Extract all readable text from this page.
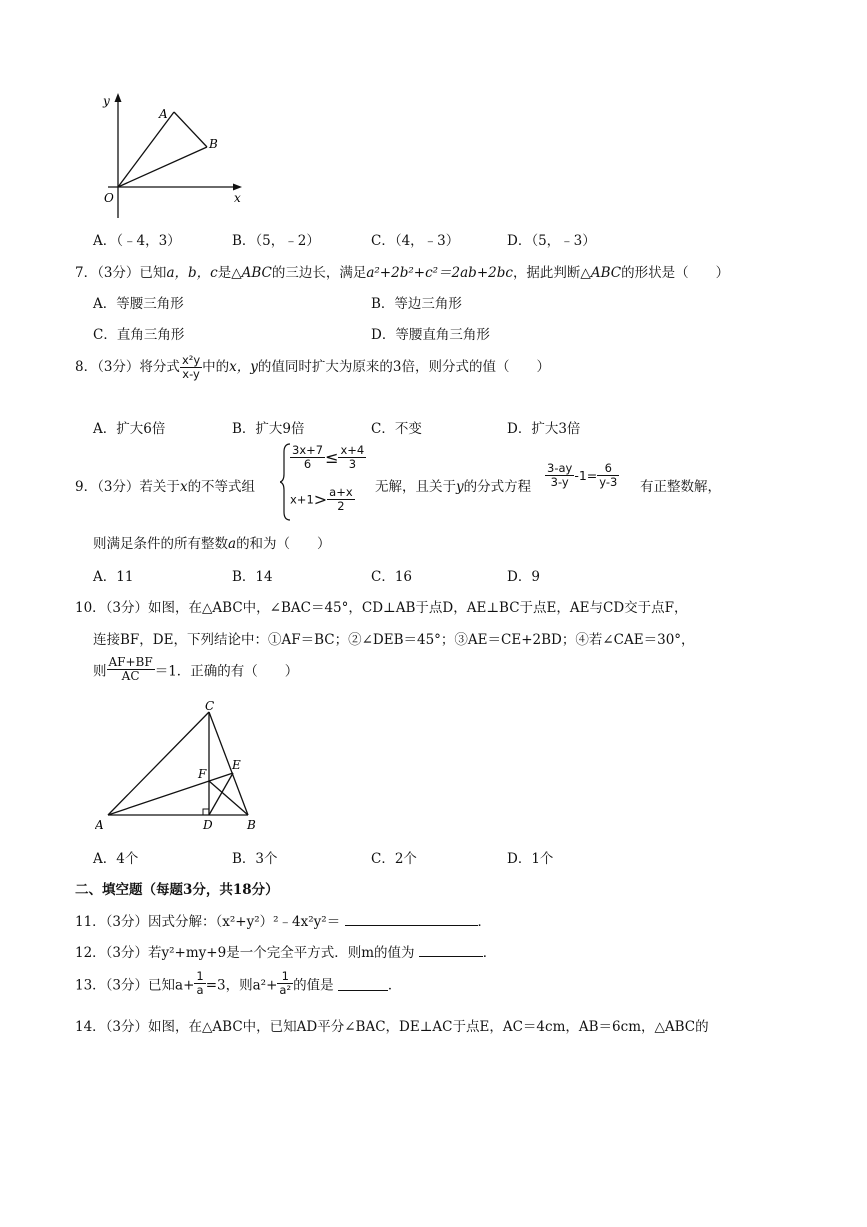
y
x
O
A
B
A．（﹣4，3）	B．（5，﹣2）	C．（4，﹣3）	D．（5，﹣3）
7．（3分）已知a，b，c是△ABC的三边长，满足a²+2b²+c²＝2ab+2bc，据此判断△ABC的形状是（　　）
A．等腰三角形	B．等边三角形
C．直角三角形	D．等腰直角三角形
8．（3分）将分式 $\frac{\text{x²y}}{x-y}$ 中的x，y的值同时扩大为原来的3倍，则分式的值（　　）
A．扩大6倍	B．扩大9倍	C．不变	D．扩大3倍
9．（3分）若关于x的不等式组
$\frac{3x+7}{6} \le \frac{x+4}{3}$
$x+1> \frac{a+x}{2}$ 无解，且关于y的分式方程 $\frac{3-ay}{3-y} -1= \frac{6}{y-3}$ 有正整数解，
则满足条件的所有整数a的和为（　　）
A．11	B．14	C．16	D．9
10．（3分）如图，在△ABC中，∠BAC＝45°，CD⊥AB于点D，AE⊥BC于点E，AE与CD交于点F，
连接BF，DE，下列结论中：①AF＝BC；②∠DEB＝45°；③AE＝CE+2BD；④若∠CAE＝30°，
则 $\frac{AF+BF}{AC} =1$．正确的有（　　）
A	B
C
D
E
F
A．4个	B．3个	C．2个	D．1个
二、填空题（每题3分，共18分）
11．（3分）因式分解：（x²+y²）²﹣4x²y²＝	．
12．（3分）若y²+my+9是一个完全平方式．则m的值为	．
13．（3分）已知$a+ \frac{1}{a} =3$，则$a^2+ \frac{1}{\text{a²}}$ 的值是	．
14．（3分）如图，在△ABC中，已知AD平分∠BAC，DE⊥AC于点E，AC＝4cm，AB＝6cm，△ABC的
